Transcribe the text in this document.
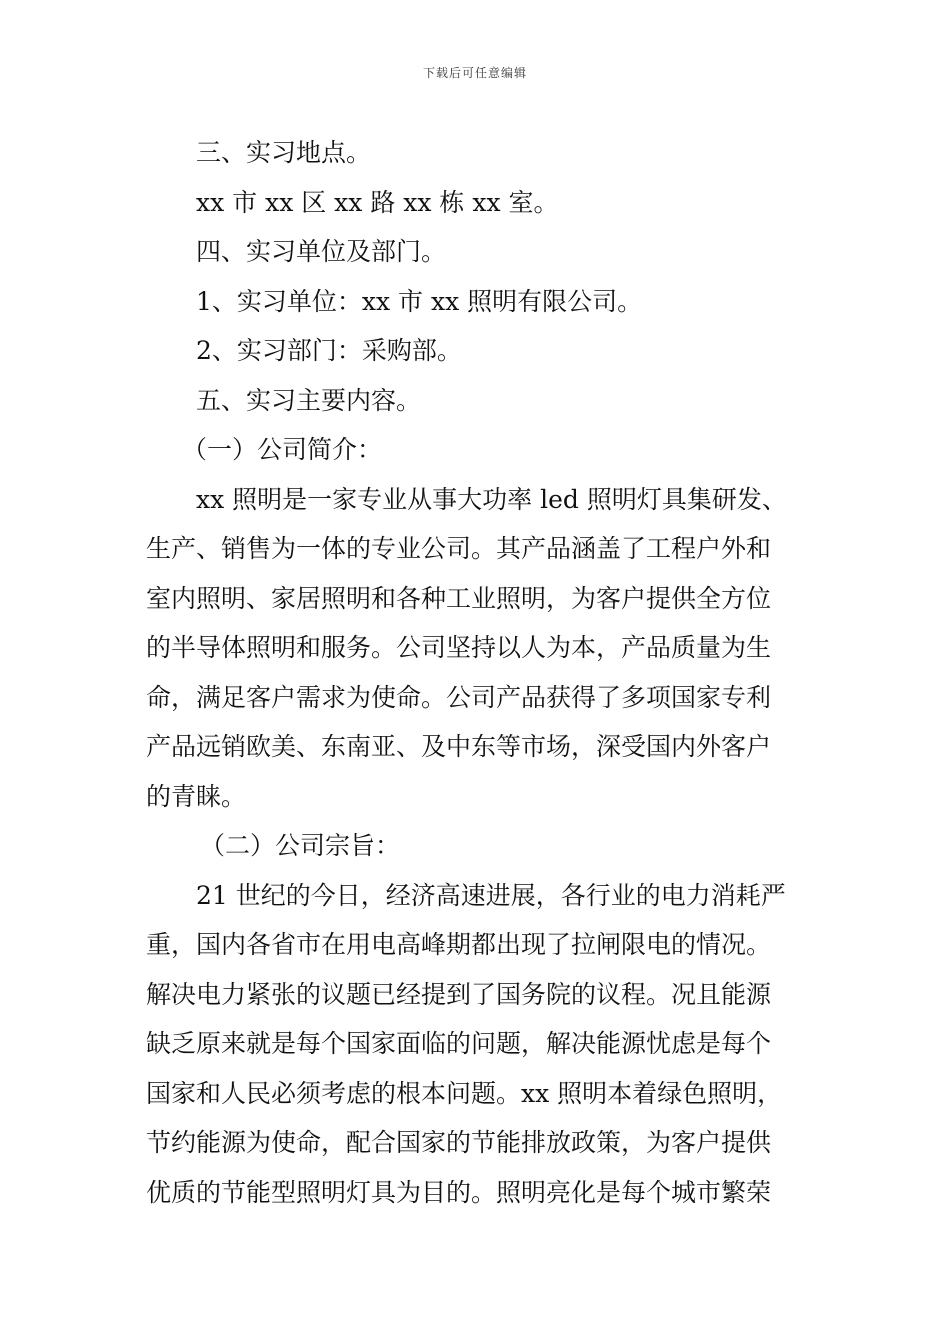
下载后可任意编辑

三、实习地点。

xx 市 xx 区 xx 路 xx 栋 xx 室。

四、实习单位及部门。

1、实习单位：xx 市 xx 照明有限公司。

2、实习部门：采购部。

五、实习主要内容。

（一）公司简介：

xx 照明是一家专业从事大功率 led 照明灯具集研发、
生产、销售为一体的专业公司。其产品涵盖了工程户外和
室内照明、家居照明和各种工业照明，为客户提供全方位
的半导体照明和服务。公司坚持以人为本，产品质量为生
命，满足客户需求为使命。公司产品获得了多项国家专利
产品远销欧美、东南亚、及中东等市场，深受国内外客户
的青睐。

（二）公司宗旨：

21 世纪的今日，经济高速进展，各行业的电力消耗严
重，国内各省市在用电高峰期都出现了拉闸限电的情况。
解决电力紧张的议题已经提到了国务院的议程。况且能源
缺乏原来就是每个国家面临的问题，解决能源忧虑是每个
国家和人民必须考虑的根本问题。xx 照明本着绿色照明，
节约能源为使命，配合国家的节能排放政策，为客户提供
优质的节能型照明灯具为目的。照明亮化是每个城市繁荣
